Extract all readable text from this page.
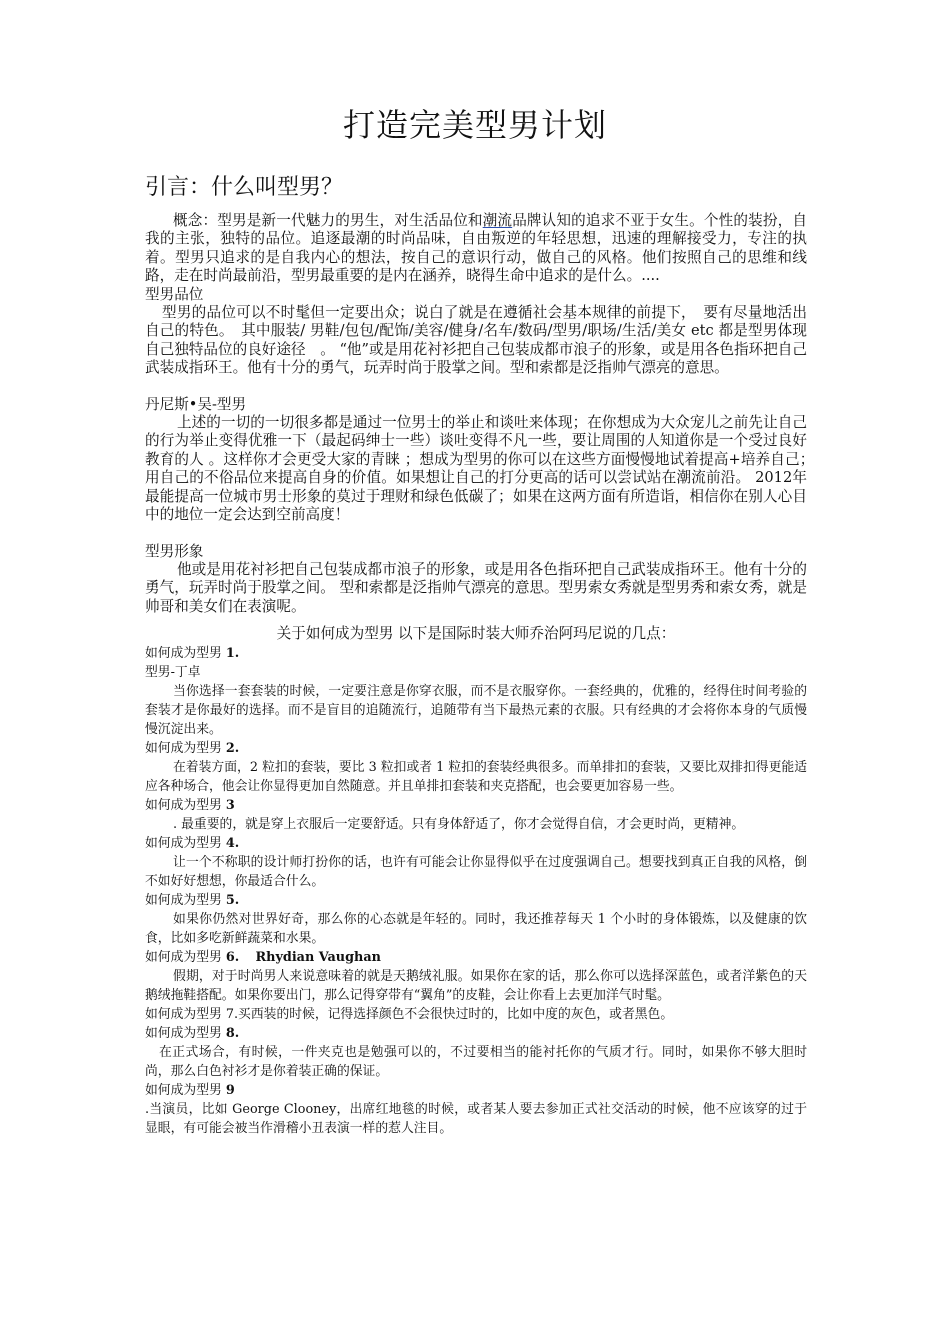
打造完美型男计划
引言：什么叫型男？

概念：型男是新一代魅力的男生，对生活品位和潮流品牌认知的追求不亚于女生。个性的装扮，自我的主张，独特的品位。追逐最潮的时尚品味，自由叛逆的年轻思想，迅速的理解接受力，专注的执着。型男只追求的是自我内心的想法，按自己的意识行动，做自己的风格。他们按照自己的思维和线路，走在时尚最前沿，型男最重要的是内在涵养，晓得生命中追求的是什么。....

型男品位

型男的品位可以不时髦但一定要出众；说白了就是在遵循社会基本规律的前提下，　要有尽量地活出自己的特色。　其中服装/ 男鞋/包包/配饰/美容/健身/名车/数码/型男/职场/生活/美女 etc 都是型男体现自己独特品位的良好途径　。 “他”或是用花衬衫把自己包装成都市浪子的形象，或是用各色指环把自己武装成指环王。他有十分的勇气，玩弄时尚于股掌之间。型和索都是泛指帅气漂亮的意思。

丹尼斯•吴-型男

上述的一切的一切很多都是通过一位男士的举止和谈吐来体现；在你想成为大众宠儿之前先让自己的行为举止变得优雅一下（最起码绅士一些）谈吐变得不凡一些，要让周围的人知道你是一个受过良好教育的人 。这样你才会更受大家的青睐 ；想成为型男的你可以在这些方面慢慢地试着提高+培养自己；　用自己的不俗品位来提高自身的价值。如果想让自己的打分更高的话可以尝试站在潮流前沿。 2012年最能提高一位城市男士形象的莫过于理财和绿色低碳了；如果在这两方面有所造诣，相信你在别人心目中的地位一定会达到空前高度！

型男形象

他或是用花衬衫把自己包装成都市浪子的形象，或是用各色指环把自己武装成指环王。他有十分的勇气，玩弄时尚于股掌之间。 型和索都是泛指帅气漂亮的意思。型男索女秀就是型男秀和索女秀，就是帅哥和美女们在表演呢。

关于如何成为型男 以下是国际时装大师乔治阿玛尼说的几点：

如何成为型男 1.

型男-丁卓

当你选择一套套装的时候，一定要注意是你穿衣服，而不是衣服穿你。一套经典的，优雅的，经得住时间考验的套装才是你最好的选择。而不是盲目的追随流行，追随带有当下最热元素的衣服。只有经典的才会将你本身的气质慢慢沉淀出来。

如何成为型男 2.

在着装方面，2 粒扣的套装，要比 3 粒扣或者 1 粒扣的套装经典很多。而单排扣的套装，又要比双排扣得更能适应各种场合，他会让你显得更加自然随意。并且单排扣套装和夹克搭配，也会要更加容易一些。

如何成为型男 3

. 最重要的，就是穿上衣服后一定要舒适。只有身体舒适了，你才会觉得自信，才会更时尚，更精神。

如何成为型男 4.

让一个不称职的设计师打扮你的话，也许有可能会让你显得似乎在过度强调自己。想要找到真正自我的风格，倒不如好好想想，你最适合什么。

如何成为型男 5.

如果你仍然对世界好奇，那么你的心态就是年轻的。同时，我还推荐每天 1 个小时的身体锻炼，以及健康的饮食，比如多吃新鲜蔬菜和水果。

如何成为型男 6. Rhydian Vaughan

假期，对于时尚男人来说意味着的就是天鹅绒礼服。如果你在家的话，那么你可以选择深蓝色，或者洋紫色的天鹅绒拖鞋搭配。如果你要出门，那么记得穿带有“翼角”的皮鞋，会让你看上去更加洋气时髦。

如何成为型男 7.买西装的时候，记得选择颜色不会很快过时的，比如中度的灰色，或者黑色。

如何成为型男 8.

在正式场合，有时候，一件夹克也是勉强可以的，不过要相当的能衬托你的气质才行。同时，如果你不够大胆时尚，那么白色衬衫才是你着装正确的保证。

如何成为型男 9

.当演员，比如 George Clooney，出席红地毯的时候，或者某人要去参加正式社交活动的时候，他不应该穿的过于显眼，有可能会被当作滑稽小丑表演一样的惹人注目。
